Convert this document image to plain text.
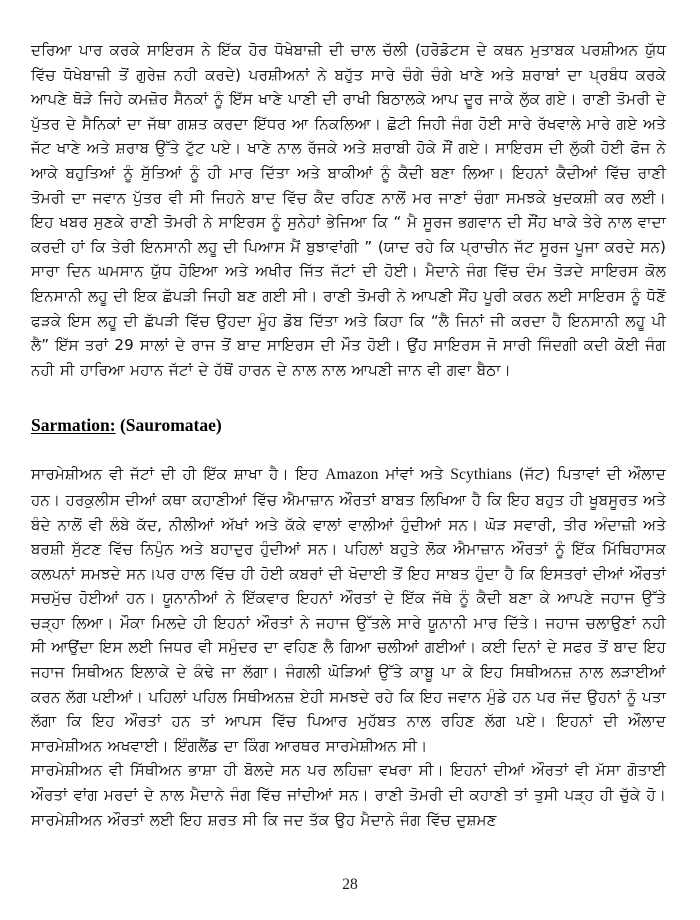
ਦਰਿਆ ਪਾਰ ਕਰਕੇ ਸਾਇਰਸ ਨੇ ਇੱਕ ਹੋਰ ਧੋਖੇਬਾਜ਼ੀ ਦੀ ਚਾਲ ਚੱਲੀ (ਹਰੋਡੋਟਸ ਦੇ ਕਥਨ ਮੁਤਾਬਕ ਪਰਸ਼ੀਅਨ ਯੁੱਧ ਵਿੱਚ ਧੋਖੇਬਾਜ਼ੀ ਤੋਂ ਗੁਰੇਜ਼ ਨਹੀ ਕਰਦੇ) ਪਰਸ਼ੀਅਨਾਂ ਨੇ ਬਹੁੱਤ ਸਾਰੇ ਚੰਗੇ ਚੰਗੇ ਖਾਣੇ ਅਤੇ ਸ਼ਰਾਬਾਂ ਦਾ ਪ੍ਰਬੰਧ ਕਰਕੇ ਆਪਣੇ ਥੋੜੇ ਜਿਹੇ ਕਮਜ਼ੋਰ ਸੈਨਕਾਂ ਨੂੰ ਇੱਸ ਖਾਣੇ ਪਾਣੀ ਦੀ ਰਾਖੀ ਬਿਠਾਲਕੇ ਆਪ ਦੂਰ ਜਾਕੇ ਲੁੱਕ ਗਏ। ਰਾਣੀ ਤੋਮਰੀ ਦੇ ਪੁੱਤਰ ਦੇ ਸੈਨਿਕਾਂ ਦਾ ਜੱਥਾ ਗਸ਼ਤ ਕਰਦਾ ਇੱਧਰ ਆ ਨਿਕਲਿਆ। ਛੋਟੀ ਜਿਹੀ ਜੰਗ ਹੋਈ ਸਾਰੇ ਰੱਖਵਾਲੇ ਮਾਰੇ ਗਏ ਅਤੇ ਜੱਟ ਖਾਣੇ ਅਤੇ ਸ਼ਰਾਬ ਉੱਤੇ ਟੁੱਟ ਪਏ। ਖਾਣੇ ਨਾਲ ਰੱਜਕੇ ਅਤੇ ਸ਼ਰਾਬੀ ਹੋਕੇ ਸੌਂ ਗਏ। ਸਾਇਰਸ ਦੀ ਲੁੱਕੀ ਹੋਈ ਫੋਜ ਨੇ ਆਕੇ ਬਹੁਤਿਆਂ ਨੂੰ ਸੁੱਤਿਆਂ ਨੂੰ ਹੀ ਮਾਰ ਦਿੱਤਾ ਅਤੇ ਬਾਕੀਆਂ ਨੂੰ ਕੈਦੀ ਬਣਾ ਲਿਆ। ਇਹਨਾਂ ਕੈਦੀਆਂ ਵਿੱਚ ਰਾਣੀ ਤੋਮਰੀ ਦਾ ਜਵਾਨ ਪੁੱਤਰ ਵੀ ਸੀ ਜਿਹਨੇ ਬਾਦ ਵਿੱਚ ਕੈਦ ਰਹਿਣ ਨਾਲੋਂ ਮਰ ਜਾਣਾਂ ਚੰਗਾ ਸਮਝਕੇ ਖੁਦਕਸ਼ੀ ਕਰ ਲਈ। ਇਹ ਖਬਰ ਸੁਣਕੇ ਰਾਣੀ ਤੋਮਰੀ ਨੇ ਸਾਇਰਸ ਨੂੰ ਸੁਨੇਹਾਂ ਭੇਜਿਆ ਕਿ “ ਮੈ ਸੂਰਜ ਭਗਵਾਨ ਦੀ ਸੌਂਹ ਖਾਕੇ ਤੇਰੇ ਨਾਲ ਵਾਦਾ ਕਰਦੀ ਹਾਂ ਕਿ ਤੇਰੀ ਇਨਸਾਨੀ ਲਹੂ ਦੀ ਪਿਆਸ ਮੈਂ ਬੁਝਾਵਾਂਗੀ ” (ਯਾਦ ਰਹੇ ਕਿ ਪ੍ਰਾਚੀਨ ਜੱਟ ਸੂਰਜ ਪੂਜਾ ਕਰਦੇ ਸਨ) ਸਾਰਾ ਦਿਨ ਘਮਸਾਨ ਯੁੱਧ ਹੋਇਆ ਅਤੇ ਅਖੀਰ ਜਿੱਤ ਜੱਟਾਂ ਦੀ ਹੋਈ। ਮੈਦਾਨੇ ਜੰਗ ਵਿੱਚ ਦੰਮ ਤੋੜਦੇ ਸਾਇਰਸ ਕੋਲ ਇਨਸਾਨੀ ਲਹੂ ਦੀ ਇਕ ਛੱਪੜੀ ਜਿਹੀ ਬਣ ਗਈ ਸੀ। ਰਾਣੀ ਤੋਮਰੀ ਨੇ ਆਪਣੀ ਸੌਂਹ ਪੂਰੀ ਕਰਨ ਲਈ ਸਾਇਰਸ ਨੂੰ ਧੋਣੋਂ ਫੜਕੇ ਇਸ ਲਹੂ ਦੀ ਛੱਪੜੀ ਵਿੱਚ ਉਹਦਾ ਮੂੰਹ ਡੋਬ ਦਿੱਤਾ ਅਤੇ ਕਿਹਾ ਕਿ “ਲੈ ਜਿਨਾਂ ਜੀ ਕਰਦਾ ਹੈ ਇਨਸਾਨੀ ਲਹੂ ਪੀ ਲੈ” ਇੱਸ ਤਰਾਂ 29 ਸਾਲਾਂ ਦੇ ਰਾਜ ਤੋਂ ਬਾਦ ਸਾਇਰਸ ਦੀ ਮੌਤ ਹੋਈ। ਉਂਹ ਸਾਇਰਸ ਜੋ ਸਾਰੀ ਜਿੰਦਗੀ ਕਦੀ ਕੋਈ ਜੰਗ ਨਹੀ ਸੀ ਹਾਰਿਆ ਮਹਾਨ ਜੱਟਾਂ ਦੇ ਹੱਥੋਂ ਹਾਰਨ ਦੇ ਨਾਲ ਨਾਲ ਆਪਣੀ ਜਾਨ ਵੀ ਗਵਾ ਬੈਠਾ।

Sarmation: (Sauromatae)

ਸਾਰਮੇਸ਼ੀਅਨ ਵੀ ਜੱਟਾਂ ਦੀ ਹੀ ਇੱਕ ਸ਼ਾਖਾ ਹੈ। ਇਹ Amazon ਮਾਂਵਾਂ ਅਤੇ Scythians (ਜੱਟ) ਪਿਤਾਵਾਂ ਦੀ ਔਲਾਦ ਹਨ। ਹਰਕੁਲੀਸ ਦੀਆਂ ਕਥਾ ਕਹਾਣੀਆਂ ਵਿੱਚ ਐਮਾਜ਼ਾਨ ਔਰਤਾਂ ਬਾਬਤ ਲਿਖਿਆ ਹੈ ਕਿ ਇਹ ਬਹੁਤ ਹੀ ਖੂਬਸੂਰਤ ਅਤੇ ਬੰਦੇ ਨਾਲੋਂ ਵੀ ਲੰਬੇ ਕੱਦ, ਨੀਲੀਆਂ ਅੱਖਾਂ ਅਤੇ ਕੱਕੇ ਵਾਲਾਂ ਵਾਲੀਆਂ ਹੁੰਦੀਆਂ ਸਨ। ਘੋੜ ਸਵਾਰੀ, ਤੀਰ ਅੰਦਾਜ਼ੀ ਅਤੇ ਬਰਸ਼ੀ ਸੁੱਟਣ ਵਿੱਚ ਨਿਪੁੰਨ ਅਤੇ ਬਹਾਦੁਰ ਹੁੰਦੀਆਂ ਸਨ। ਪਹਿਲਾਂ ਬਹੁਤੇ ਲੋਕ ਐਮਾਜ਼ਾਨ ਔਰਤਾਂ ਨੂੰ ਇੱਕ ਮਿੱਥਿਹਾਸਕ ਕਲਪਨਾਂ ਸਮਝਦੇ ਸਨ।ਪਰ ਹਾਲ ਵਿੱਚ ਹੀ ਹੋਈ ਕਬਰਾਂ ਦੀ ਖੋਦਾਈ ਤੋਂ ਇਹ ਸਾਬਤ ਹੁੰਦਾ ਹੈ ਕਿ ਇਸਤਰਾਂ ਦੀਆਂ ਔਰਤਾਂ ਸਚਮੁੱਚ ਹੋਈਆਂ ਹਨ। ਯੂਨਾਨੀਆਂ ਨੇ ਇੱਕਵਾਰ ਇਹਨਾਂ ਔਰਤਾਂ ਦੇ ਇੱਕ ਜੱਥੇ ਨੂੰ ਕੈਦੀ ਬਣਾ ਕੇ ਆਪਣੇ ਜਹਾਜ ਉੱਤੇ ਚੜ੍ਹਾ ਲਿਆ। ਮੌਕਾ ਮਿਲਦੇ ਹੀ ਇਹਨਾਂ ਔਰਤਾਂ ਨੇ ਜਹਾਜ ਉੱਤਲੇ ਸਾਰੇ ਯੂਨਾਨੀ ਮਾਰ ਦਿੱਤੇ। ਜਹਾਜ ਚਲਾਉਣਾਂ ਨਹੀ ਸੀ ਆਉਂਦਾ ਇਸ ਲਈ ਜਿਧਰ ਵੀ ਸਮੁੰਦਰ ਦਾ ਵਹਿਣ ਲੈ ਗਿਆ ਚਲੀਆਂ ਗਈਆਂ। ਕਈ ਦਿਨਾਂ ਦੇ ਸਫਰ ਤੋਂ ਬਾਦ ਇਹ ਜਹਾਜ ਸਿਥੀਅਨ ਇਲਾਕੇ ਦੇ ਕੰਢੇ ਜਾ ਲੱਗਾ। ਜੰਗਲੀ ਘੋੜਿਆਂ ਉੱਤੇ ਕਾਬੂ ਪਾ ਕੇ ਇਹ ਸਿਥੀਅਨਜ਼ ਨਾਲ ਲੜਾਈਆਂ ਕਰਨ ਲੱਗ ਪਈਆਂ। ਪਹਿਲਾਂ ਪਹਿਲ ਸਿਥੀਅਨਜ਼ ਏਹੀ ਸਮਝਦੇ ਰਹੇ ਕਿ ਇਹ ਜਵਾਨ ਮੁੰਡੇ ਹਨ ਪਰ ਜੱਦ ਉਹਨਾਂ ਨੂੰ ਪਤਾ ਲੱਗਾ ਕਿ ਇਹ ਔਰਤਾਂ ਹਨ ਤਾਂ ਆਪਸ ਵਿੱਚ ਪਿਆਰ ਮੁਹੱਬਤ ਨਾਲ ਰਹਿਣ ਲੱਗ ਪਏ। ਇਹਨਾਂ ਦੀ ਔਲਾਦ ਸਾਰਮੇਸ਼ੀਅਨ ਅਖਵਾਈ। ਇੰਗਲੈਂਡ ਦਾ ਕਿੰਗ ਆਰਥਰ ਸਾਰਮੇਸ਼ੀਅਨ ਸੀ।

ਸਾਰਮੇਸ਼ੀਅਨ ਵੀ ਸਿੱਥੀਅਨ ਭਾਸ਼ਾ ਹੀ ਬੋਲਦੇ ਸਨ ਪਰ ਲਹਿਜ਼ਾ ਵਖਰਾ ਸੀ। ਇਹਨਾਂ ਦੀਆਂ ਔਰਤਾਂ ਵੀ ਮੱਸਾ ਗੋਤਾਈ ਔਰਤਾਂ ਵਾਂਗ ਮਰਦਾਂ ਦੇ ਨਾਲ ਮੈਦਾਨੇ ਜੰਗ ਵਿੱਚ ਜਾਂਦੀਆਂ ਸਨ। ਰਾਣੀ ਤੋਮਰੀ ਦੀ ਕਹਾਣੀ ਤਾਂ ਤੁਸੀ ਪੜ੍ਹ ਹੀ ਚੁੱਕੇ ਹੋ। ਸਾਰਮੇਸ਼ੀਅਨ ਔਰਤਾਂ ਲਈ ਇਹ ਸ਼ਰਤ ਸੀ ਕਿ ਜਦ ਤੱਕ ਉਹ ਮੈਦਾਨੇ ਜੰਗ ਵਿੱਚ ਦੁਸ਼ਮਣ

28
